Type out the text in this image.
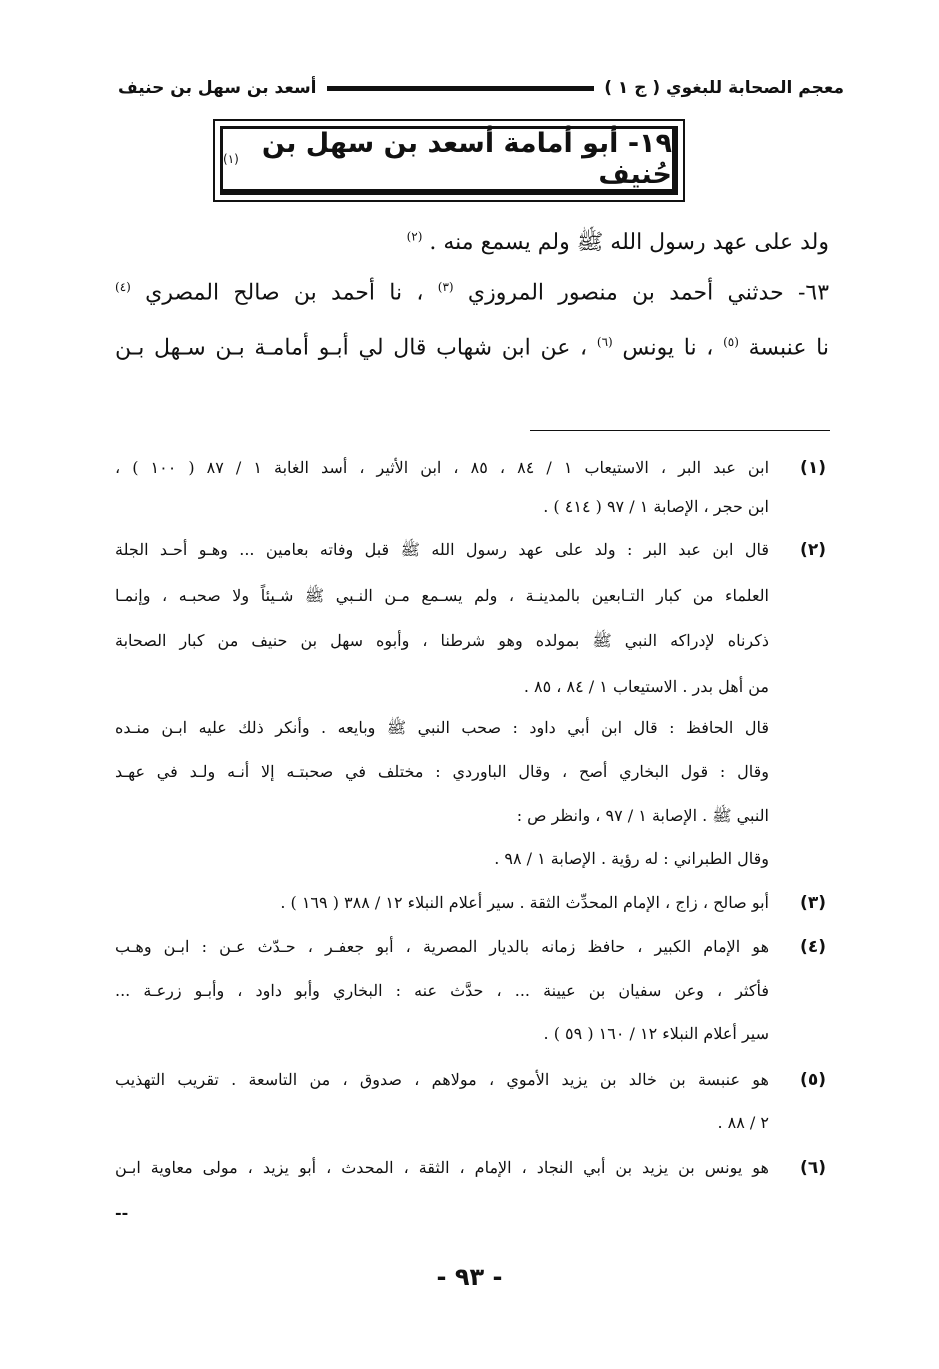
معجم الصحابة للبغوي ( ج ١ )
أسعد بن سهل بن حنيف
١٩- أبو أمامة أسعد بن سهل بن حُنيف
(١)
ولد على عهد رسول الله ﷺ ولم يسمع منه . $^{(٢)}$
٦٣- حدثني أحمد بن منصور المروزي $^{(٣)}$ ، نا أحمد بن صالح المصري $^{(٤)}$
نا عنبسة $^{(٥)}$ ، نا يونس $^{(٦)}$ ، عن ابن شهاب قال لي أبـو أمامـة بـن سـهل بـن
(١)
ابن عبد البر ، الاستيعاب ١ / ٨٤ ، ٨٥ ، ابن الأثير ، أسد الغابة ١ / ٨٧ ( ١٠٠ ) ،
ابن حجر ، الإصابة ١ / ٩٧ ( ٤١٤ ) .
(٢)
قال ابن عبد البر : ولد على عهد رسول الله ﷺ قبل وفاته بعامين ... وهـو أحـد الجلة
العلماء من كبار التـابعين بالمدينـة ، ولم يسـمع مـن النـبي ﷺ شـيئاً ولا صحبـه ، وإنمـا
ذكرناه لإدراكه النبي ﷺ بمولده وهو شرطنا ، وأبوه سهل بن حنيف من كبار الصحابة
من أهل بدر . الاستيعاب ١ / ٨٤ ، ٨٥ .
قال الحافظ : قال ابن أبي داود : صحب النبي ﷺ وبايعه . وأنكر ذلك عليه ابـن منـده
وقال : قول البخاري أصح ، وقال الباوردي : مختلف في صحبتـه إلا أنـه ولـد في عهـد
النبي ﷺ . الإصابة ١ / ٩٧ ، وانظر ص :
وقال الطبراني : له رؤية . الإصابة ١ / ٩٨ .
(٣)
أبو صالح ، زاج ، الإمام المحدِّث الثقة . سير أعلام النبلاء ١٢ / ٣٨٨ ( ١٦٩ ) .
(٤)
هو الإمام الكبير ، حافظ زمانه بالديار المصرية ، أبو جعفـر ، حـدّث عـن : ابـن وهـب
فأكثر ، وعن سفيان بن عيينة ... ، حدَّث عنه : البخاري وأبو داود ، وأبـو زرعـة ...
سير أعلام النبلاء ١٢ / ١٦٠ ( ٥٩ ) .
(٥)
هو عنبسة بن خالد بن يزيد الأموي ، مولاهم ، صدوق ، من التاسعة . تقريب التهذيب
٢ / ٨٨ .
(٦)
هو يونس بن يزيد بن أبي النجاد ، الإمام ، الثقة ، المحدث ، أبو يزيد ، مولى معاوية ابـن
--
- ٩٣ -
